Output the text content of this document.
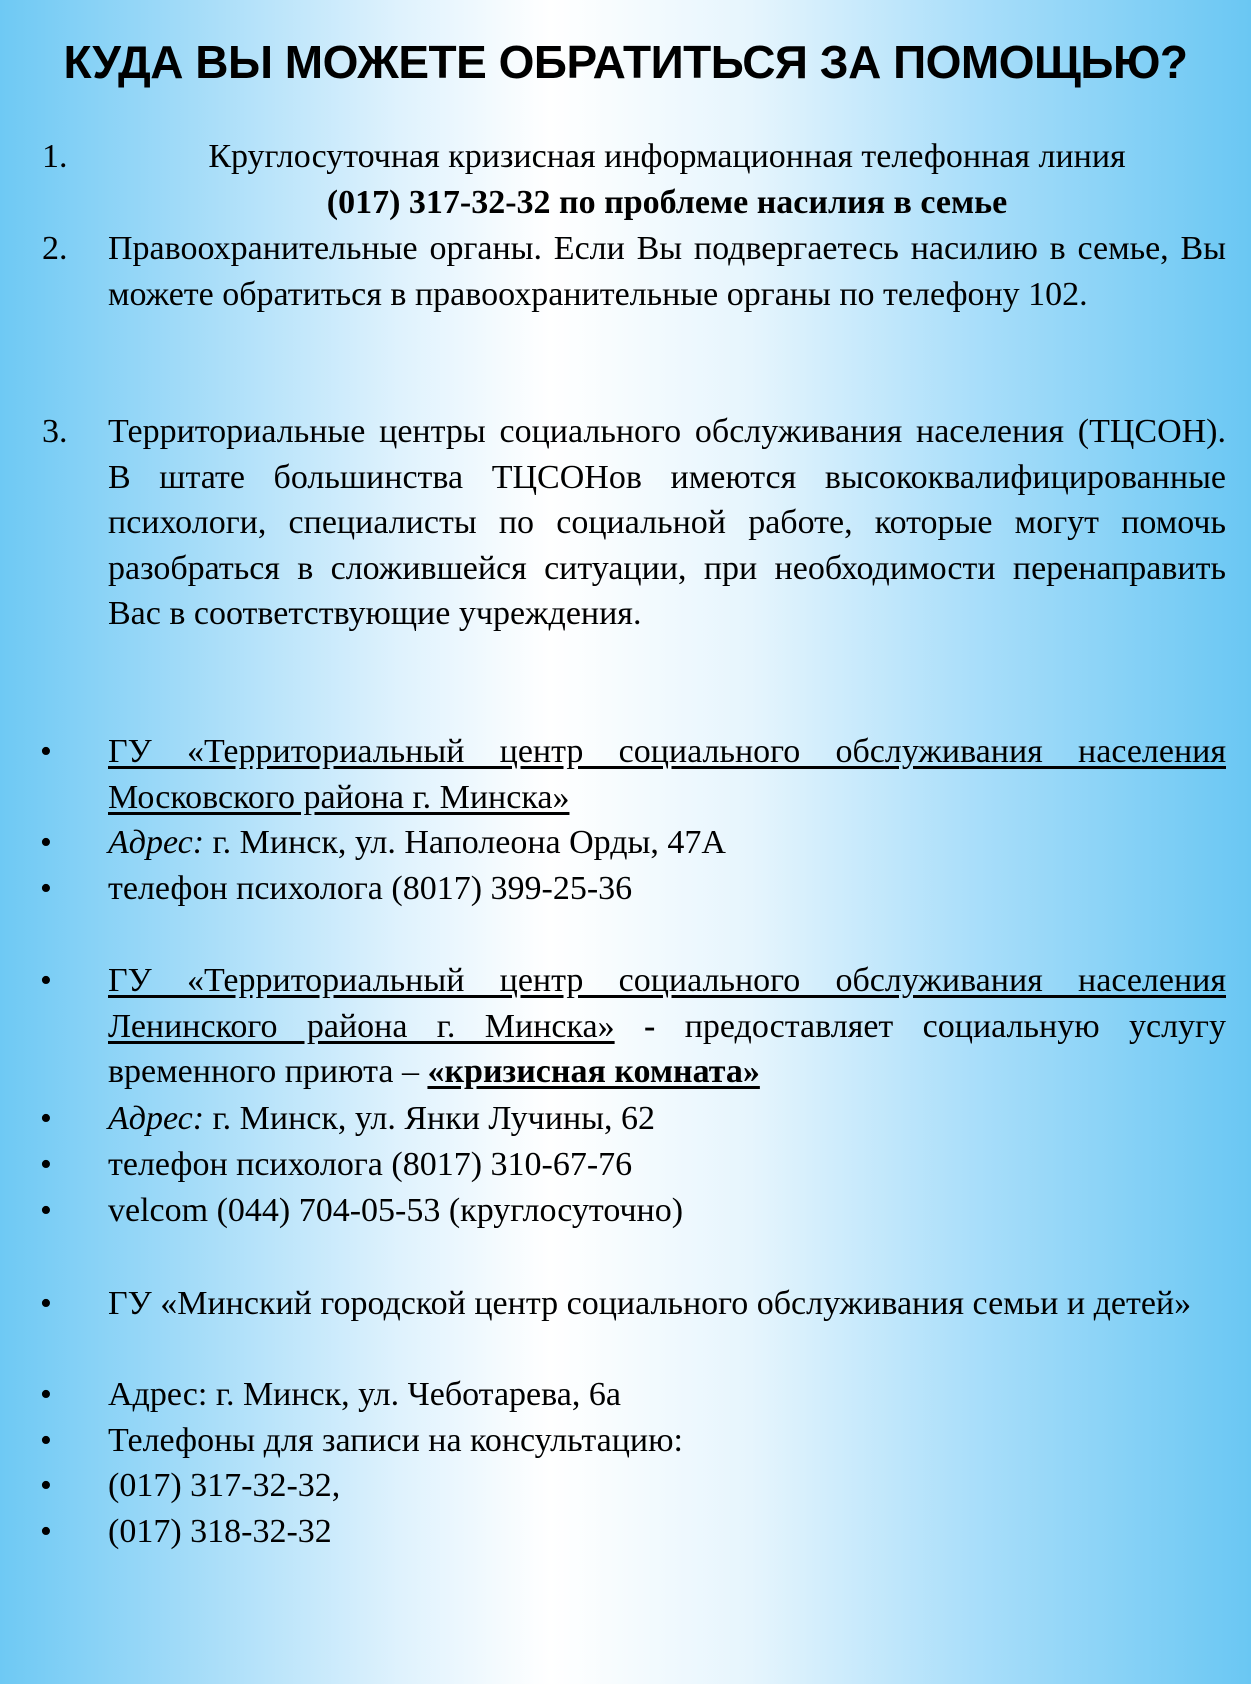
КУДА ВЫ МОЖЕТЕ ОБРАТИТЬСЯ ЗА ПОМОЩЬЮ?
1.	Круглосуточная кризисная информационная телефонная линия
(017) 317-32-32 по проблеме насилия в семье
2.	Правоохранительные органы. Если Вы подвергаетесь насилию в семье, Вы можете обратиться в правоохранительные органы по телефону 102.
3.	Территориальные центры социального обслуживания населения (ТЦСОН). В штате большинства ТЦСОНов имеются высококвалифицированные психологи, специалисты по социальной работе, которые могут помочь разобраться в сложившейся ситуации, при необходимости перенаправить Вас в соответствующие учреждения.
•	ГУ «Территориальный центр социального обслуживания населения Московского района г. Минска»
•	Адрес: г. Минск, ул. Наполеона Орды, 47А
•	телефон психолога (8017) 399-25-36
•	ГУ «Территориальный центр социального обслуживания населения Ленинского района г. Минска» - предоставляет социальную услугу временного приюта – «кризисная комната»
•	Адрес: г. Минск, ул. Янки Лучины, 62
•	телефон психолога (8017) 310-67-76
•	velcom (044) 704-05-53 (круглосуточно)
•	ГУ «Минский городской центр социального обслуживания семьи и детей»
•	Адрес: г. Минск, ул. Чеботарева, 6а
•	Телефоны для записи на консультацию:
•	(017) 317-32-32,
•	(017) 318-32-32
